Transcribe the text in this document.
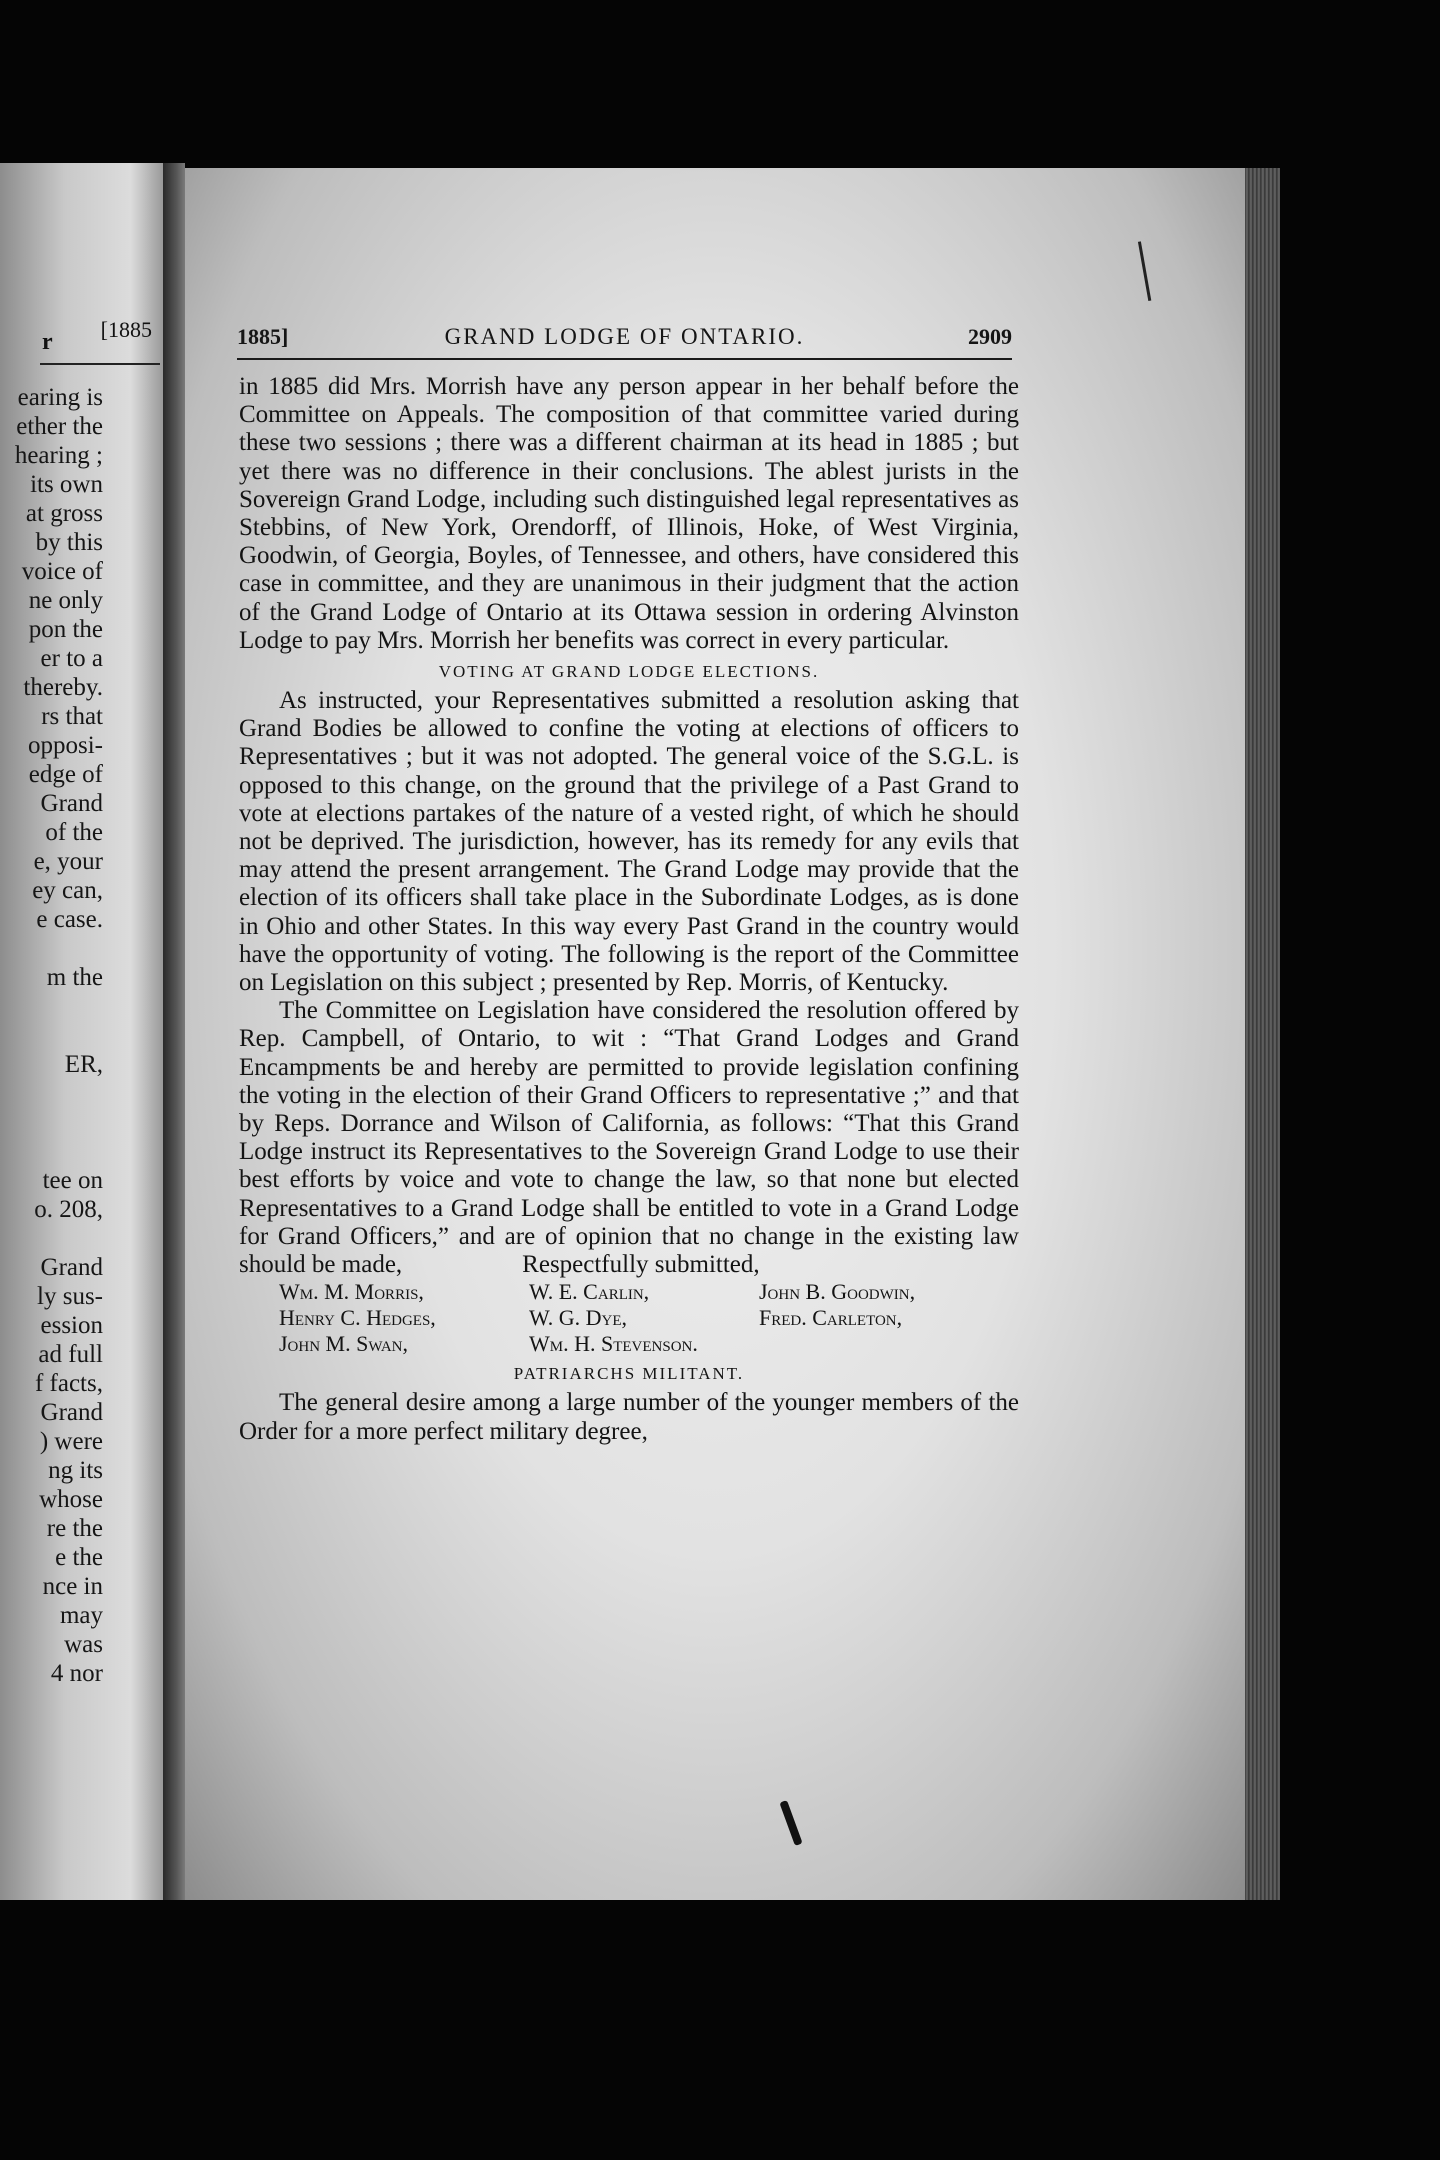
r [1885
earing is
ether the
hearing ;
its own
at gross
by this
voice of
ne only
pon the
er to a
thereby.
rs that
opposi-
edge of
Grand
of the
e, your
ey can,
e case.
m the
ER,
tee on
o. 208,
Grand
ly sus-
ession
ad full
f facts,
Grand
) were
ng its
whose
re the
e the
nce in
may
was
4 nor
1885]	GRAND LODGE OF ONTARIO.	2909

in 1885 did Mrs. Morrish have any person appear in her behalf before the Committee on Appeals. The composition of that committee varied during these two sessions ; there was a different chairman at its head in 1885 ; but yet there was no difference in their conclusions. The ablest jurists in the Sovereign Grand Lodge, including such distinguished legal representatives as Stebbins, of New York, Orendorff, of Illinois, Hoke, of West Virginia, Goodwin, of Georgia, Boyles, of Tennessee, and others, have considered this case in committee, and they are unanimous in their judgment that the action of the Grand Lodge of Ontario at its Ottawa session in ordering Alvinston Lodge to pay Mrs. Morrish her benefits was correct in every particular.

VOTING AT GRAND LODGE ELECTIONS.

As instructed, your Representatives submitted a resolution asking that Grand Bodies be allowed to confine the voting at elections of officers to Representatives ; but it was not adopted. The general voice of the S.G.L. is opposed to this change, on the ground that the privilege of a Past Grand to vote at elections partakes of the nature of a vested right, of which he should not be deprived. The jurisdiction, however, has its remedy for any evils that may attend the present arrangement. The Grand Lodge may provide that the election of its officers shall take place in the Subordinate Lodges, as is done in Ohio and other States. In this way every Past Grand in the country would have the opportunity of voting. The following is the report of the Committee on Legislation on this subject ; presented by Rep. Morris, of Kentucky.

The Committee on Legislation have considered the resolution offered by Rep. Campbell, of Ontario, to wit : “That Grand Lodges and Grand Encampments be and hereby are permitted to provide legislation confining the voting in the election of their Grand Officers to representative ;” and that by Reps. Dorrance and Wilson of California, as follows: “That this Grand Lodge instruct its Representatives to the Sovereign Grand Lodge to use their best efforts by voice and vote to change the law, so that none but elected Representatives to a Grand Lodge shall be entitled to vote in a Grand Lodge for Grand Officers,” and are of opinion that no change in the existing law should be made,	Respectfully submitted,

Wm. M. Morris,	W. E. Carlin,	John B. Goodwin,
Henry C. Hedges,	W. G. Dye,	Fred. Carleton,
John M. Swan,	Wm. H. Stevenson.
PATRIARCHS MILITANT.

The general desire among a large number of the younger members of the Order for a more perfect military degree,
